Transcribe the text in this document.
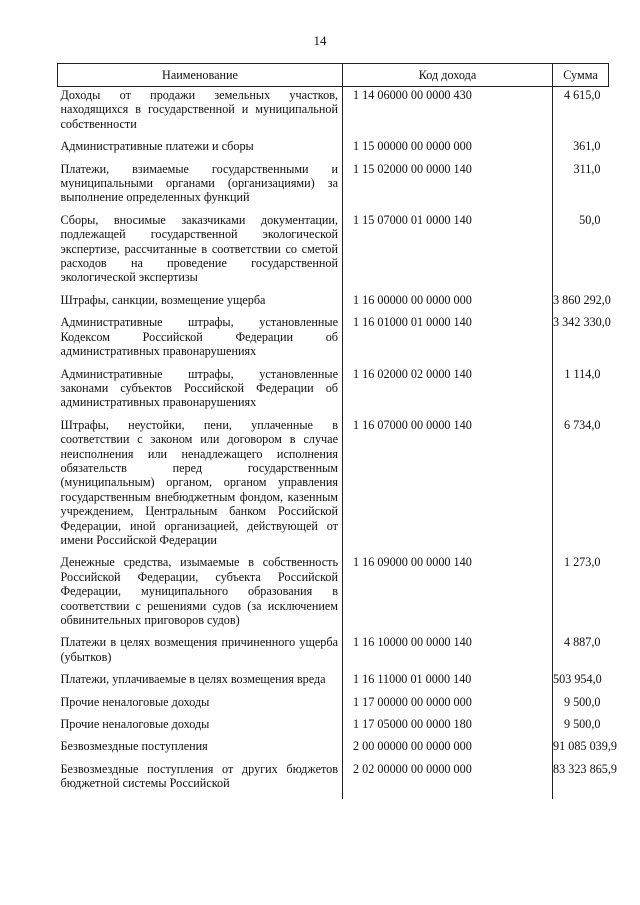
14
Наименование	Код дохода	Сумма
Доходы от продажи земельных участков, находящихся в государственной и муниципальной собственности	1 14 06000 00 0000 430	4 615,0
Административные платежи и сборы	1 15 00000 00 0000 000	361,0
Платежи, взимаемые государственными и муниципальными органами (организациями) за выполнение определенных функций	1 15 02000 00 0000 140	311,0
Сборы, вносимые заказчиками документации, подлежащей государственной экологической экспертизе, рассчитанные в соответствии со сметой расходов на проведение государственной экологической экспертизы	1 15 07000 01 0000 140	50,0
Штрафы, санкции, возмещение ущерба	1 16 00000 00 0000 000	3 860 292,0
Административные штрафы, установленные Кодексом Российской Федерации об административных правонарушениях	1 16 01000 01 0000 140	3 342 330,0
Административные штрафы, установленные законами субъектов Российской Федерации об административных правонарушениях	1 16 02000 02 0000 140	1 114,0
Штрафы, неустойки, пени, уплаченные в соответствии с законом или договором в случае неисполнения или ненадлежащего исполнения обязательств перед государственным (муниципальным) органом, органом управления государственным внебюджетным фондом, казенным учреждением, Центральным банком Российской Федерации, иной организацией, действующей от имени Российской Федерации	1 16 07000 00 0000 140	6 734,0
Денежные средства, изымаемые в собственность Российской Федерации, субъекта Российской Федерации, муниципального образования в соответствии с решениями судов (за исключением обвинительных приговоров судов)	1 16 09000 00 0000 140	1 273,0
Платежи в целях возмещения причиненного ущерба (убытков)	1 16 10000 00 0000 140	4 887,0
Платежи, уплачиваемые в целях возмещения вреда	1 16 11000 01 0000 140	503 954,0
Прочие неналоговые доходы	1 17 00000 00 0000 000	9 500,0
Прочие неналоговые доходы	1 17 05000 00 0000 180	9 500,0
Безвозмездные поступления	2 00 00000 00 0000 000	91 085 039,9
Безвозмездные поступления от других бюджетов бюджетной системы Российской	2 02 00000 00 0000 000	83 323 865,9
